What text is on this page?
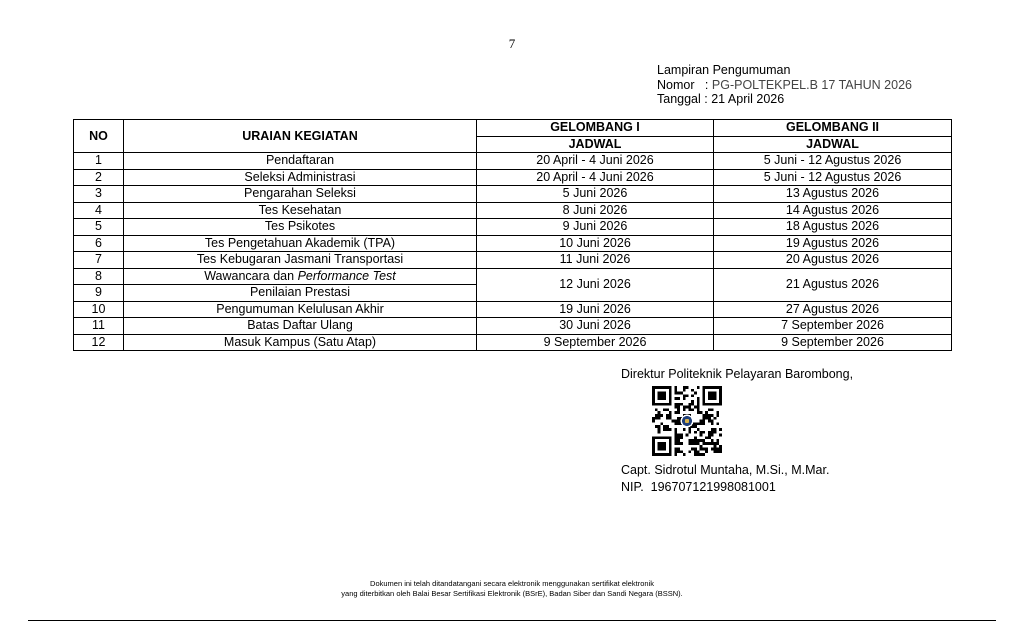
7
Lampiran Pengumuman
Nomor   : PG-POLTEKPEL.B 17 TAHUN 2026
Tanggal : 21 April 2026
NO	URAIAN KEGIATAN	GELOMBANG I	GELOMBANG II
		JADWAL	JADWAL
1	Pendaftaran	20 April - 4 Juni 2026	5 Juni - 12 Agustus 2026
2	Seleksi Administrasi	20 April - 4 Juni 2026	5 Juni - 12 Agustus 2026
3	Pengarahan Seleksi	5 Juni 2026	13 Agustus 2026
4	Tes Kesehatan	8 Juni 2026	14 Agustus 2026
5	Tes Psikotes	9 Juni 2026	18 Agustus 2026
6	Tes Pengetahuan Akademik (TPA)	10 Juni 2026	19 Agustus 2026
7	Tes Kebugaran Jasmani Transportasi	11 Juni 2026	20 Agustus 2026
8	Wawancara dan Performance Test	12 Juni 2026	21 Agustus 2026
9	Penilaian Prestasi		
10	Pengumuman Kelulusan Akhir	19 Juni 2026	27 Agustus 2026
11	Batas Daftar Ulang	30 Juni 2026	7 September 2026
12	Masuk Kampus (Satu Atap)	9 September 2026	9 September 2026
Direktur Politeknik Pelayaran Barombong,
Capt. Sidrotul Muntaha, M.Si., M.Mar.
NIP. 196707121998081001
Dokumen ini telah ditandatangani secara elektronik menggunakan sertifikat elektronik
yang diterbitkan oleh Balai Besar Sertifikasi Elektronik (BSrE), Badan Siber dan Sandi Negara (BSSN).
